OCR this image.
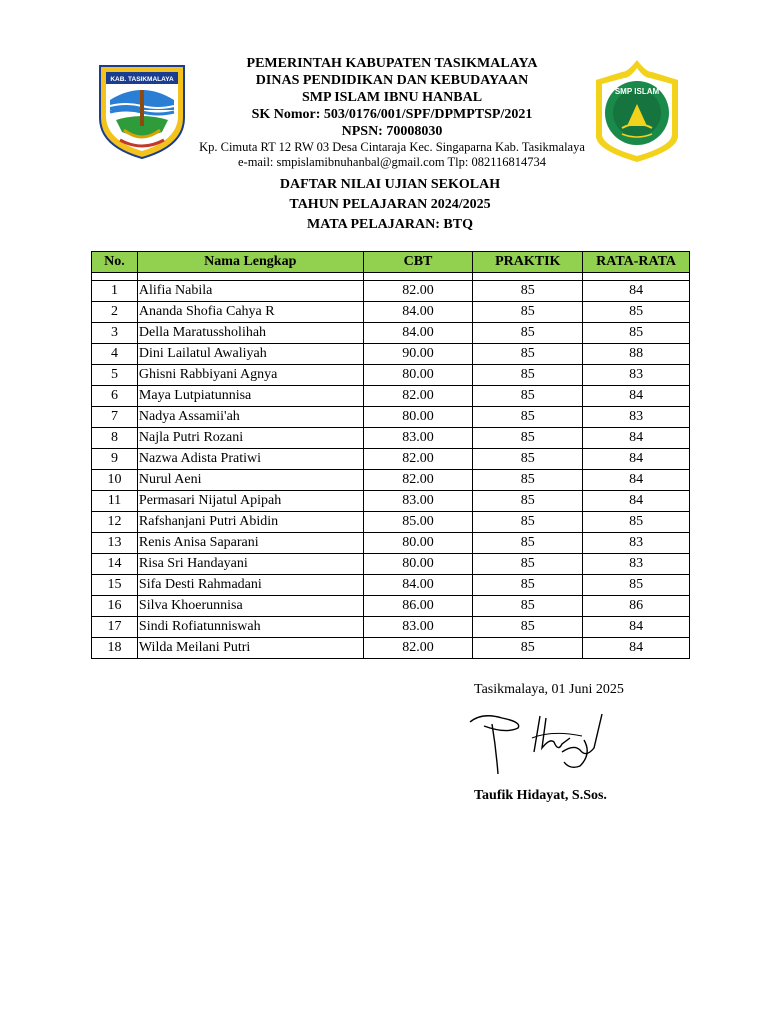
KAB. TASIKMALAYA
SMP ISLAM
PEMERINTAH KABUPATEN TASIKMALAYA
DINAS PENDIDIKAN DAN KEBUDAYAAN
SMP ISLAM IBNU HANBAL
SK Nomor: 503/0176/001/SPF/DPMPTSP/2021
NPSN: 70008030
Kp. Cimuta RT 12 RW 03 Desa Cintaraja Kec. Singaparna Kab. Tasikmalaya
e-mail: smpislamibnuhanbal@gmail.com Tlp: 082116814734
DAFTAR NILAI UJIAN SEKOLAH
TAHUN PELAJARAN 2024/2025
MATA PELAJARAN: BTQ
No.	Nama Lengkap	CBT	PRAKTIK	RATA-RATA

1	Alifia Nabila	82.00	85	84
2	Ananda Shofia Cahya R	84.00	85	85
3	Della Maratussholihah	84.00	85	85
4	Dini Lailatul Awaliyah	90.00	85	88
5	Ghisni Rabbiyani Agnya	80.00	85	83
6	Maya Lutpiatunnisa	82.00	85	84
7	Nadya Assamii'ah	80.00	85	83
8	Najla Putri Rozani	83.00	85	84
9	Nazwa Adista Pratiwi	82.00	85	84
10	Nurul Aeni	82.00	85	84
11	Permasari Nijatul Apipah	83.00	85	84
12	Rafshanjani Putri Abidin	85.00	85	85
13	Renis Anisa Saparani	80.00	85	83
14	Risa Sri Handayani	80.00	85	83
15	Sifa Desti Rahmadani	84.00	85	85
16	Silva Khoerunnisa	86.00	85	86
17	Sindi Rofiatunniswah	83.00	85	84
18	Wilda Meilani Putri	82.00	85	84
Tasikmalaya, 01 Juni 2025
Taufik Hidayat, S.Sos.
